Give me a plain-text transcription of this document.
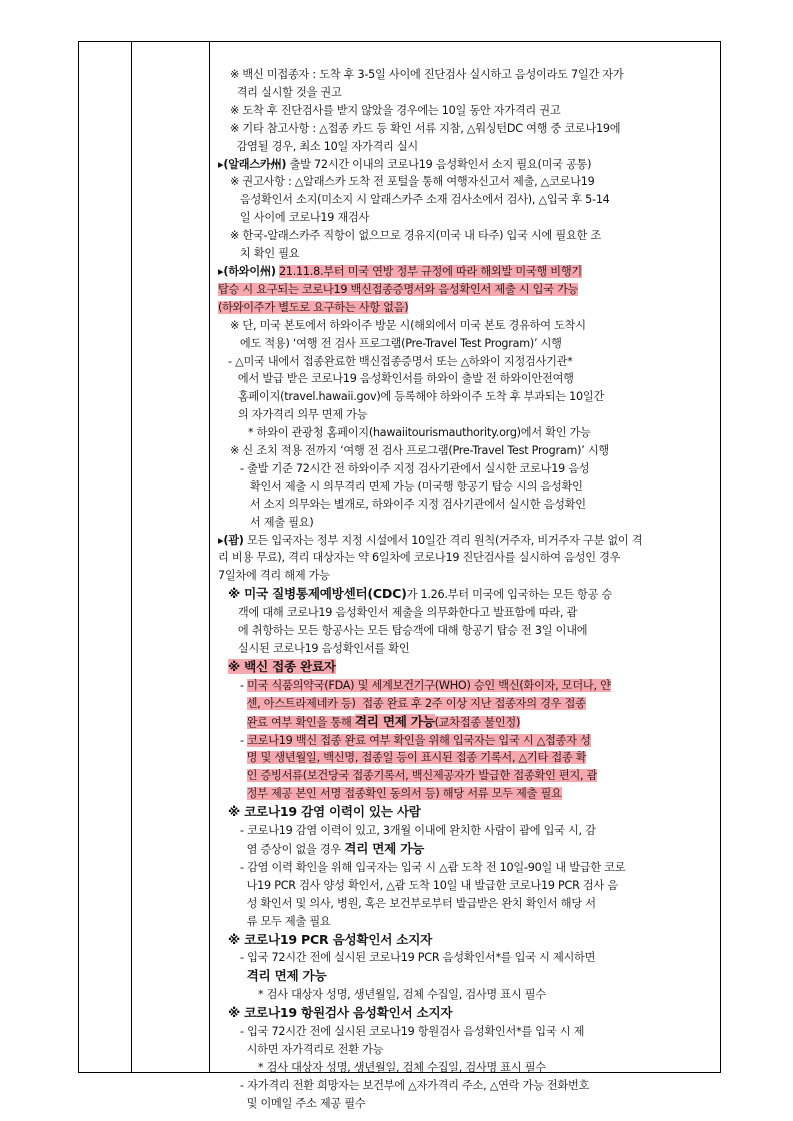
※ 백신 미접종자 : 도착 후 3-5일 사이에 진단검사 실시하고 음성이라도 7일간 자가
격리 실시할 것을 권고
※ 도착 후 진단검사를 받지 않았을 경우에는 10일 동안 자가격리 권고
※ 기타 참고사항 : △접종 카드 등 확인 서류 지참, △워싱턴DC 여행 중 코로나19에
감염될 경우, 최소 10일 자가격리 실시
▸(알래스카州) 출발 72시간 이내의 코로나19 음성확인서 소지 필요(미국 공통)
※ 권고사항 : △알래스카 도착 전 포털을 통해 여행자신고서 제출, △코로나19
음성확인서 소지(미소지 시 알래스카주 소재 검사소에서 검사), △입국 후 5-14
일 사이에 코로나19 재검사
※ 한국-알래스카주 직항이 없으므로 경유지(미국 내 타주) 입국 시에 필요한 조
치 확인 필요
▸(하와이州) 21.11.8.부터 미국 연방 정부 규정에 따라 해외발 미국행 비행기
탑승 시 요구되는 코로나19 백신접종증명서와 음성확인서 제출 시 입국 가능
(하와이주가 별도로 요구하는 사항 없음)
※ 단, 미국 본토에서 하와이주 방문 시(해외에서 미국 본토 경유하여 도착시
에도 적용) ‘여행 전 검사 프로그램(Pre-Travel Test Program)’ 시행
- △미국 내에서 접종완료한 백신접종증명서 또는 △하와이 지정검사기관*
에서 발급 받은 코로나19 음성확인서를 하와이 출발 전 하와이안전여행
홈페이지(travel.hawaii.gov)에 등록해야 하와이주 도착 후 부과되는 10일간
의 자가격리 의무 면제 가능
* 하와이 관광청 홈페이지(hawaiitourismauthority.org)에서 확인 가능
※ 신 조치 적용 전까지 ‘여행 전 검사 프로그램(Pre-Travel Test Program)’ 시행
- 출발 기준 72시간 전 하와이주 지정 검사기관에서 실시한 코로나19 음성
확인서 제출 시 의무격리 면제 가능 (미국행 항공기 탑승 시의 음성확인
서 소지 의무와는 별개로, 하와이주 지정 검사기관에서 실시한 음성확인
서 제출 필요)
▸(괌) 모든 입국자는 정부 지정 시설에서 10일간 격리 원칙(거주자, 비거주자 구분 없이 격
리 비용 무료), 격리 대상자는 약 6일차에 코로나19 진단검사를 실시하여 음성인 경우
7일차에 격리 해제 가능
※ 미국 질병통제예방센터(CDC)가 1.26.부터 미국에 입국하는 모든 항공 승
객에 대해 코로나19 음성확인서 제출을 의무화한다고 발표함에 따라, 괌
에 취항하는 모든 항공사는 모든 탑승객에 대해 항공기 탑승 전 3일 이내에
실시된 코로나19 음성확인서를 확인
※ 백신 접종 완료자
- 미국 식품의약국(FDA) 및 세계보건기구(WHO) 승인 백신(화이자, 모더나, 얀
센, 아스트라제네카 등)  접종 완료 후 2주 이상 지난 접종자의 경우 접종
완료 여부 확인을 통해 격리 면제 가능(교차접종 불인정)
- 코로나19 백신 접종 완료 여부 확인을 위해 입국자는 입국 시 △접종자 성
명 및 생년월일, 백신명, 접종일 등이 표시된 접종 기록서, △기타 접종 확
인 증빙서류(보건당국 접종기록서, 백신제공자가 발급한 접종확인 편지, 괌
정부 제공 본인 서명 접종확인 동의서 등) 해당 서류 모두 제출 필요
※ 코로나19 감염 이력이 있는 사람
- 코로나19 감염 이력이 있고, 3개월 이내에 완치한 사람이 괌에 입국 시, 감
염 증상이 없을 경우 격리 면제 가능
- 감염 이력 확인을 위해 입국자는 입국 시 △괌 도착 전 10일-90일 내 발급한 코로
나19 PCR 검사 양성 확인서, △괌 도착 10일 내 발급한 코로나19 PCR 검사 음
성 확인서 및 의사, 병원, 혹은 보건부로부터 발급받은 완치 확인서 해당 서
류 모두 제출 필요
※ 코로나19 PCR 음성확인서 소지자
- 입국 72시간 전에 실시된 코로나19 PCR 음성확인서*를 입국 시 제시하면
격리 면제 가능
* 검사 대상자 성명, 생년월일, 검체 수집일, 검사명 표시 필수
※ 코로나19 항원검사 음성확인서 소지자
- 입국 72시간 전에 실시된 코로나19 항원검사 음성확인서*를 입국 시 제
시하면 자가격리로 전환 가능
* 검사 대상자 성명, 생년월일, 검체 수집일, 검사명 표시 필수
- 자가격리 전환 희망자는 보건부에 △자가격리 주소, △연락 가능 전화번호
및 이메일 주소 제공 필수
